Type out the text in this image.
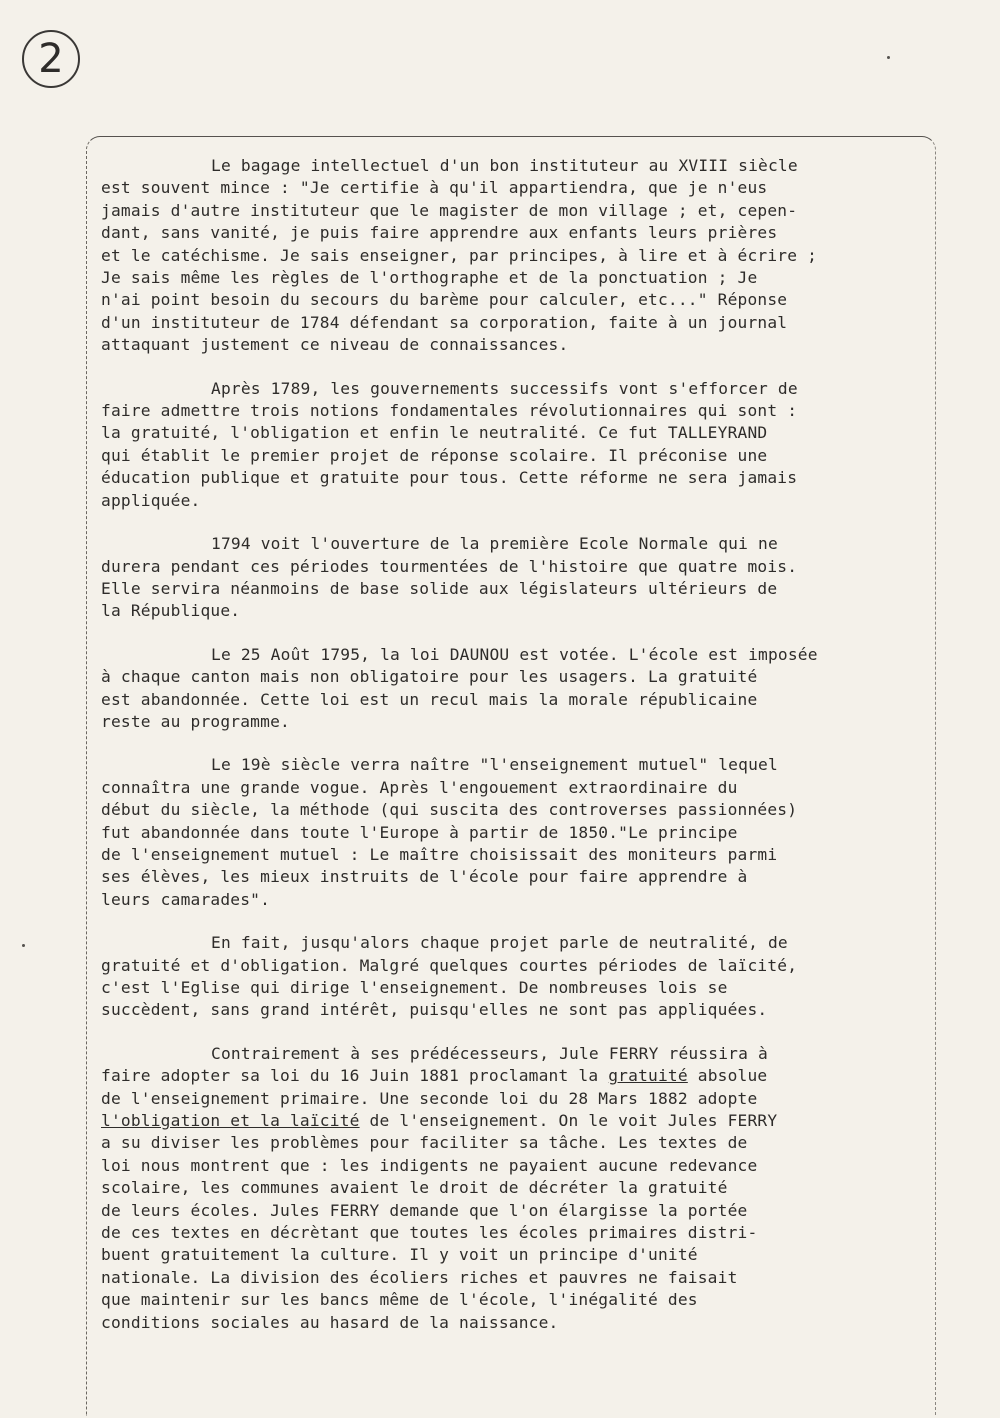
2
Le bagage intellectuel d'un bon instituteur au XVIII siècle
est souvent mince : "Je certifie à qu'il appartiendra, que je n'eus
jamais d'autre instituteur que le magister de mon village ; et, cepen-
dant, sans vanité, je puis faire apprendre aux enfants leurs prières
et le catéchisme. Je sais enseigner, par principes, à lire et à écrire ;
Je sais même les règles de l'orthographe et de la ponctuation ; Je
n'ai point besoin du secours du barème pour calculer, etc..." Réponse
d'un instituteur de 1784 défendant sa corporation, faite à un journal
attaquant justement ce niveau de connaissances.
Après 1789, les gouvernements successifs vont s'efforcer de
faire admettre trois notions fondamentales révolutionnaires qui sont :
la gratuité, l'obligation et enfin le neutralité. Ce fut TALLEYRAND
qui établit le premier projet de réponse scolaire. Il préconise une
éducation publique et gratuite pour tous. Cette réforme ne sera jamais
appliquée.
1794 voit l'ouverture de la première Ecole Normale qui ne
durera pendant ces périodes tourmentées de l'histoire que quatre mois.
Elle servira néanmoins de base solide aux législateurs ultérieurs de
la République.
Le 25 Août 1795, la loi DAUNOU est votée. L'école est imposée
à chaque canton mais non obligatoire pour les usagers. La gratuité
est abandonnée. Cette loi est un recul mais la morale républicaine
reste au programme.
Le 19è siècle verra naître "l'enseignement mutuel" lequel
connaîtra une grande vogue. Après l'engouement extraordinaire du
début du siècle, la méthode (qui suscita des controverses passionnées)
fut abandonnée dans toute l'Europe à partir de 1850."Le principe
de l'enseignement mutuel : Le maître choisissait des moniteurs parmi
ses élèves, les mieux instruits de l'école pour faire apprendre à
leurs camarades".
En fait, jusqu'alors chaque projet parle de neutralité, de
gratuité et d'obligation. Malgré quelques courtes périodes de laïcité,
c'est l'Eglise qui dirige l'enseignement. De nombreuses lois se
succèdent, sans grand intérêt, puisqu'elles ne sont pas appliquées.
Contrairement à ses prédécesseurs, Jule FERRY réussira à
faire adopter sa loi du 16 Juin 1881 proclamant la gratuité absolue
de l'enseignement primaire. Une seconde loi du 28 Mars 1882 adopte
l'obligation et la laïcité de l'enseignement. On le voit Jules FERRY
a su diviser les problèmes pour faciliter sa tâche. Les textes de
loi nous montrent que : les indigents ne payaient aucune redevance
scolaire, les communes avaient le droit de décréter la gratuité
de leurs écoles. Jules FERRY demande que l'on élargisse la portée
de ces textes en décrètant que toutes les écoles primaires distri-
buent gratuitement la culture. Il y voit un principe d'unité
nationale. La division des écoliers riches et pauvres ne faisait
que maintenir sur les bancs même de l'école, l'inégalité des
conditions sociales au hasard de la naissance.
